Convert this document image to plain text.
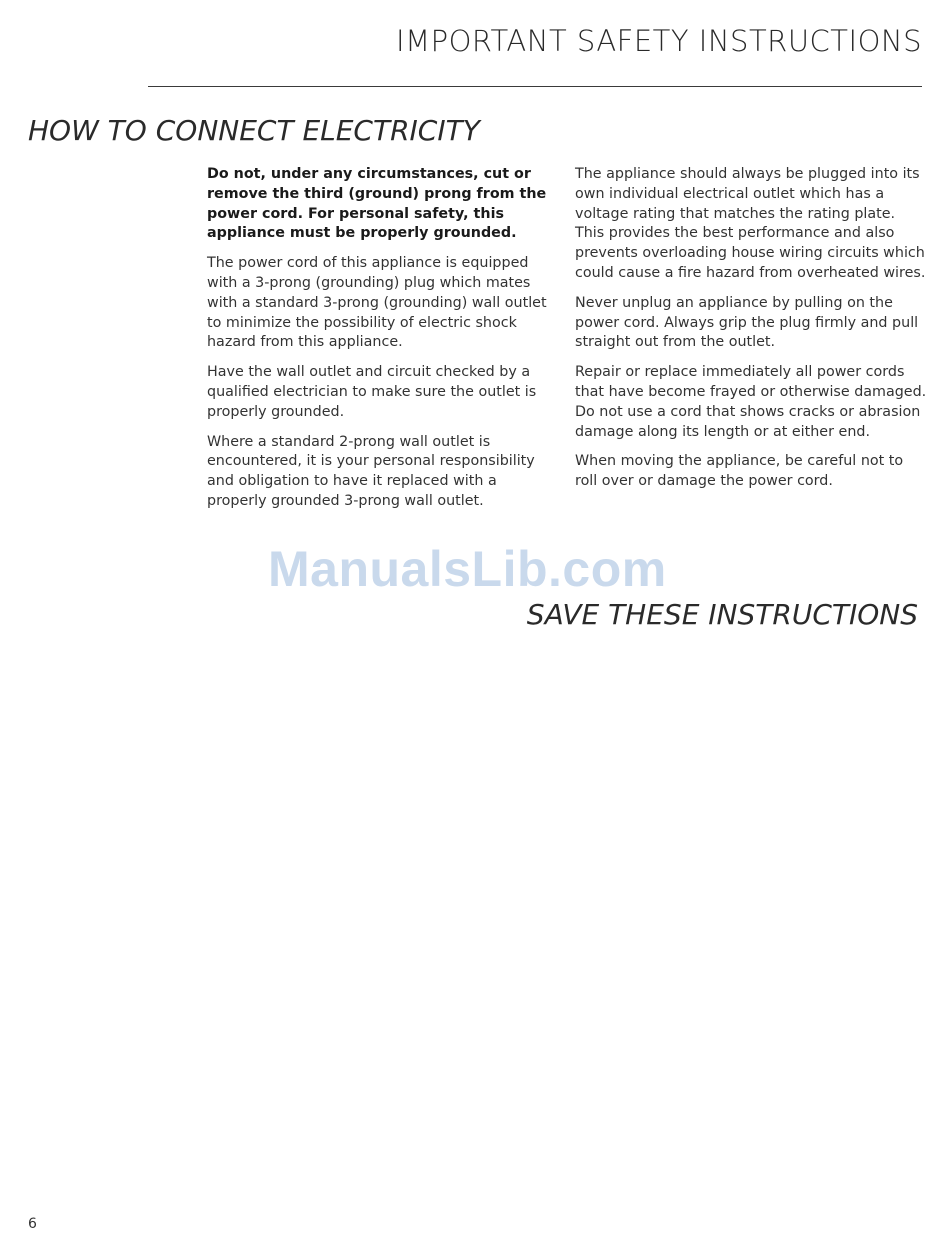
IMPORTANT SAFETY INSTRUCTIONS
HOW TO CONNECT ELECTRICITY

Do not, under any circumstances, cut or remove the third (ground) prong from the power cord. For personal safety, this appliance must be properly grounded.

The power cord of this appliance is equipped with a 3-prong (grounding) plug which mates with a standard 3-prong (grounding) wall outlet to minimize the possibility of electric shock hazard from this appliance.

Have the wall outlet and circuit checked by a qualified electrician to make sure the outlet is properly grounded.

Where a standard 2-prong wall outlet is encountered, it is your personal responsibility and obligation to have it replaced with a properly grounded 3-prong wall outlet.

The appliance should always be plugged into its own individual electrical outlet which has a voltage rating that matches the rating plate. This provides the best performance and also prevents overloading house wiring circuits which could cause a fire hazard from overheated wires.

Never unplug an appliance by pulling on the power cord. Always grip the plug firmly and pull straight out from the outlet.

Repair or replace immediately all power cords that have become frayed or otherwise damaged. Do not use a cord that shows cracks or abrasion damage along its length or at either end.

When moving the appliance, be careful not to roll over or damage the power cord.

ManualsLib.com
SAVE THESE INSTRUCTIONS
6
